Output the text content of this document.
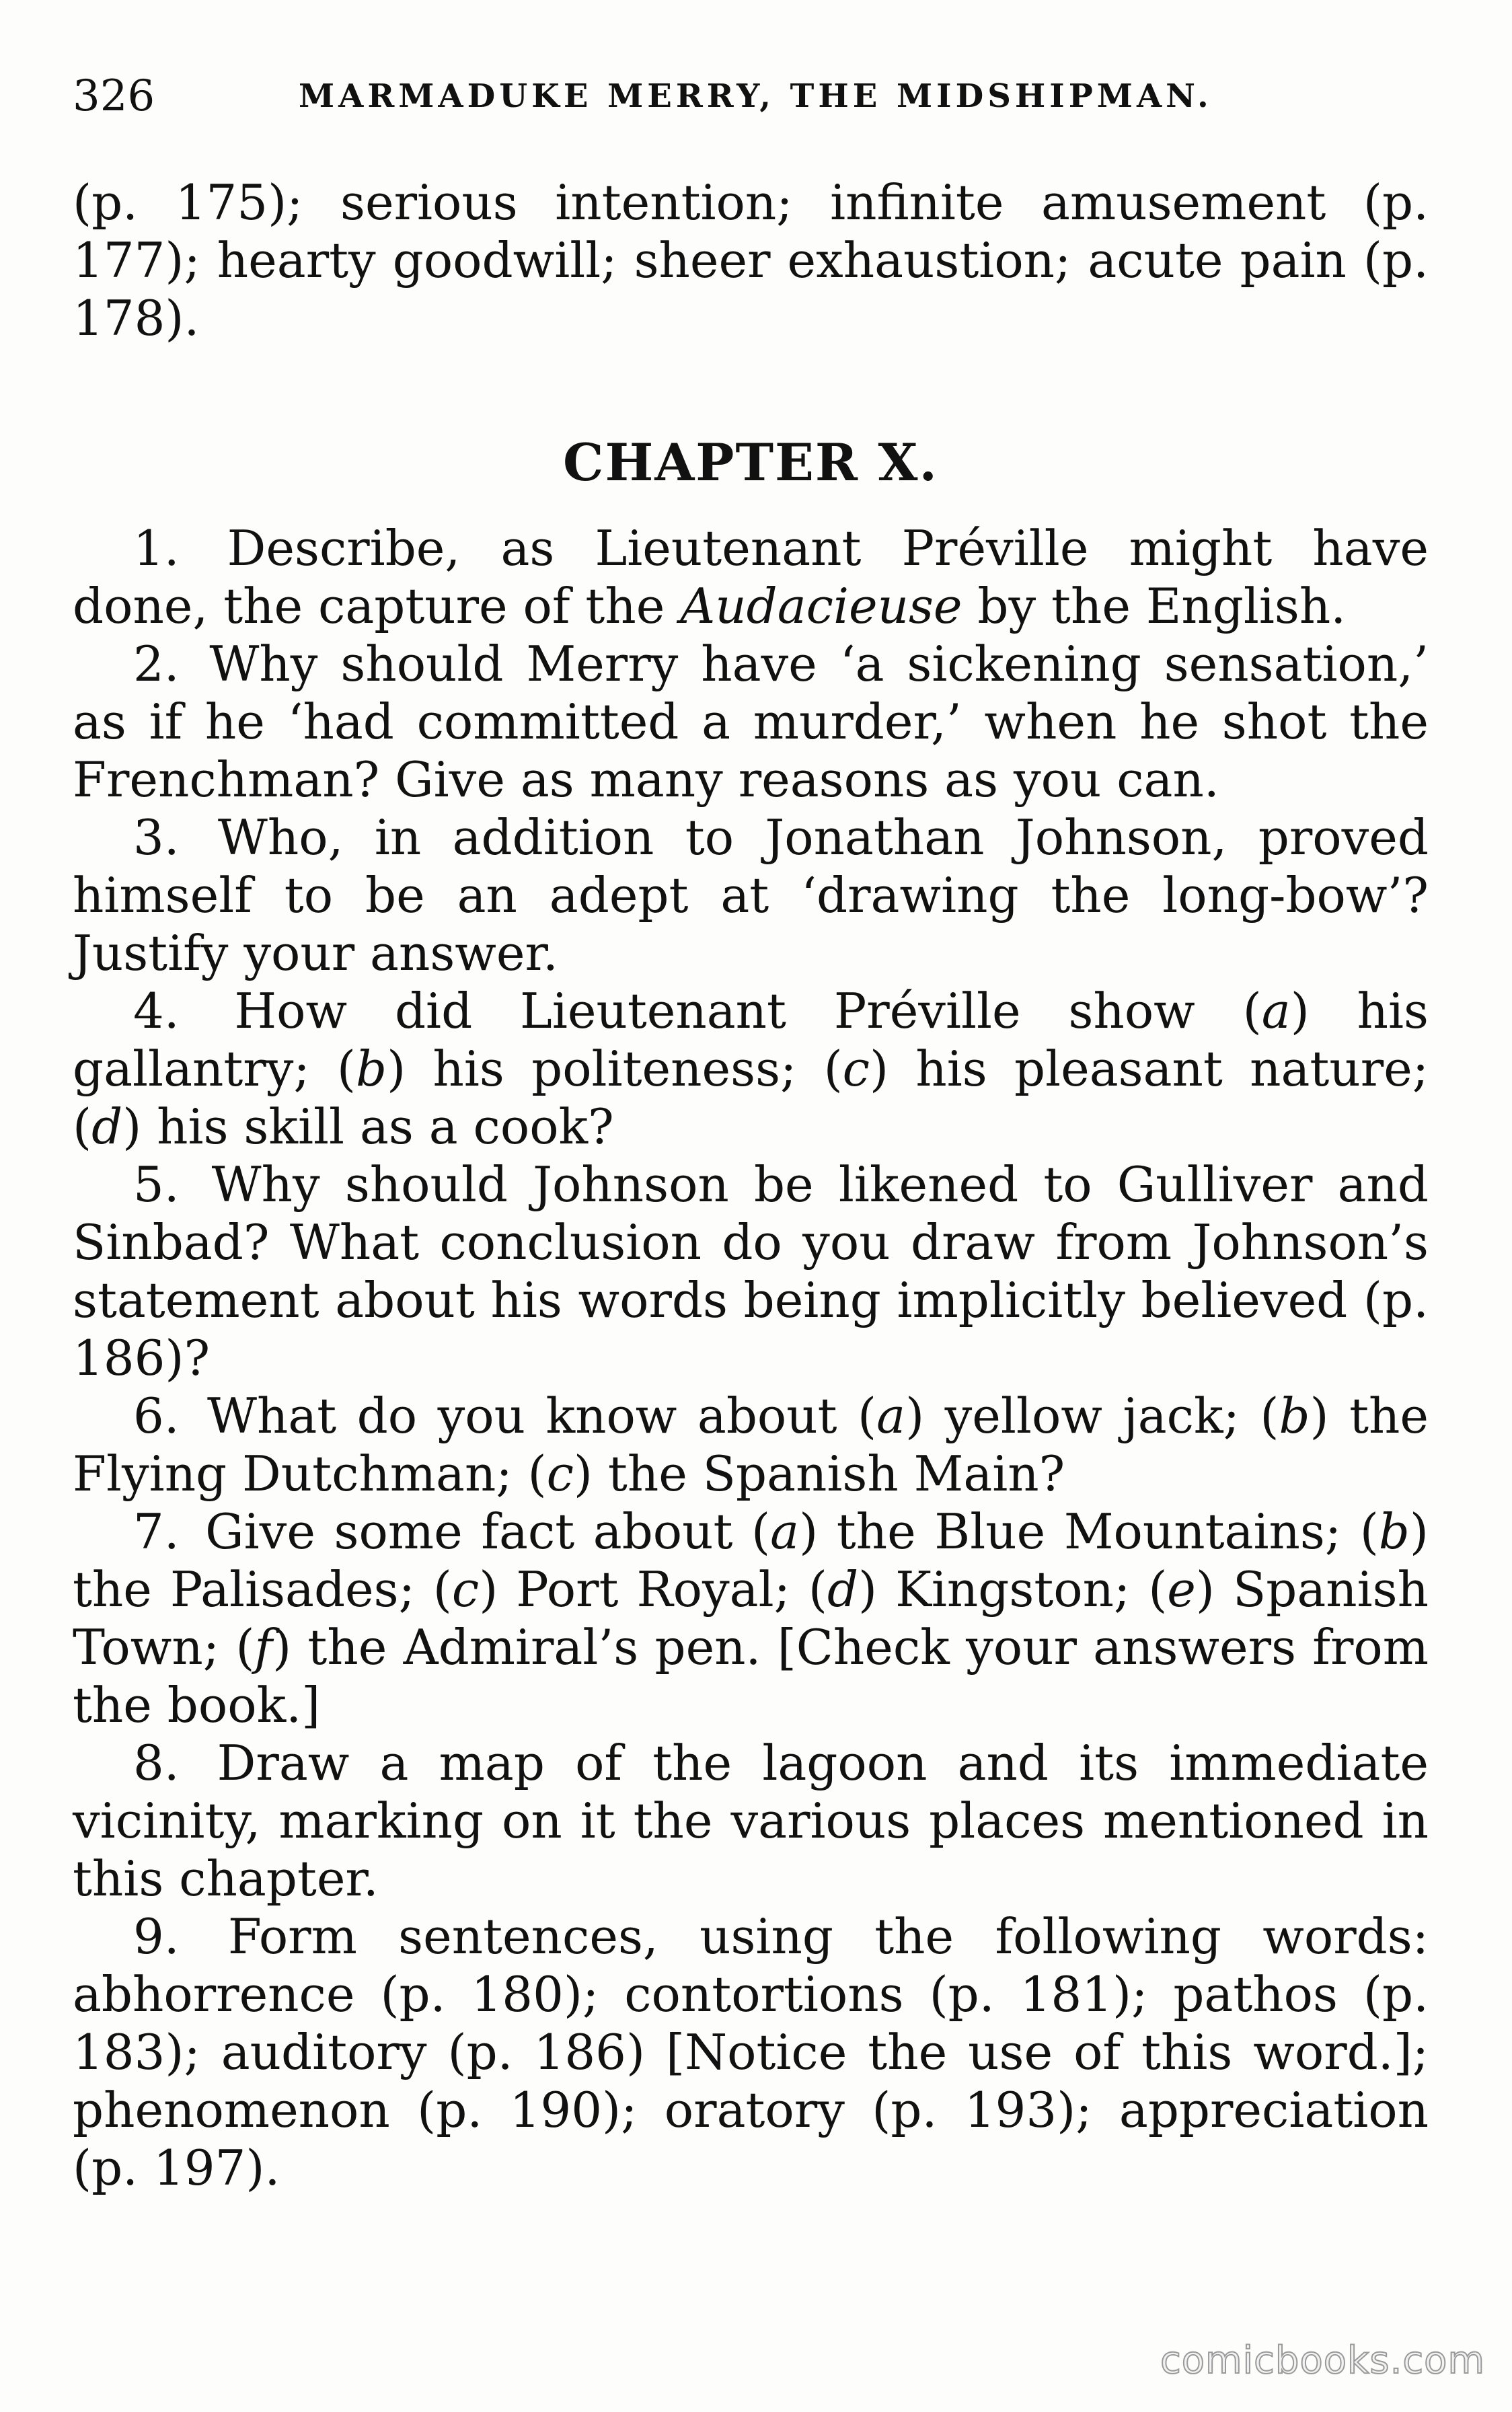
326	MARMADUKE MERRY, THE MIDSHIPMAN.

(p. 175); serious intention; infinite amusement (p. 177); hearty goodwill; sheer exhaustion; acute pain (p. 178).

CHAPTER X.

1. Describe, as Lieutenant Préville might have done, the capture of the Audacieuse by the English.

2. Why should Merry have ‘a sickening sensation,’ as if he ‘had committed a murder,’ when he shot the Frenchman? Give as many reasons as you can.

3. Who, in addition to Jonathan Johnson, proved himself to be an adept at ‘drawing the long-bow’? Justify your answer.

4. How did Lieutenant Préville show (a) his gallantry; (b) his politeness; (c) his pleasant nature; (d) his skill as a cook?

5. Why should Johnson be likened to Gulliver and Sinbad? What conclusion do you draw from Johnson’s statement about his words being implicitly believed (p. 186)?

6. What do you know about (a) yellow jack; (b) the Flying Dutchman; (c) the Spanish Main?

7. Give some fact about (a) the Blue Mountains; (b) the Palisades; (c) Port Royal; (d) Kingston; (e) Spanish Town; (f) the Admiral’s pen. [Check your answers from the book.]

8. Draw a map of the lagoon and its immediate vicinity, marking on it the various places mentioned in this chapter.

9. Form sentences, using the following words: abhorrence (p. 180); contortions (p. 181); pathos (p. 183); auditory (p. 186) [Notice the use of this word.]; phenomenon (p. 190); oratory (p. 193); appreciation (p. 197).

comicbooks.com
